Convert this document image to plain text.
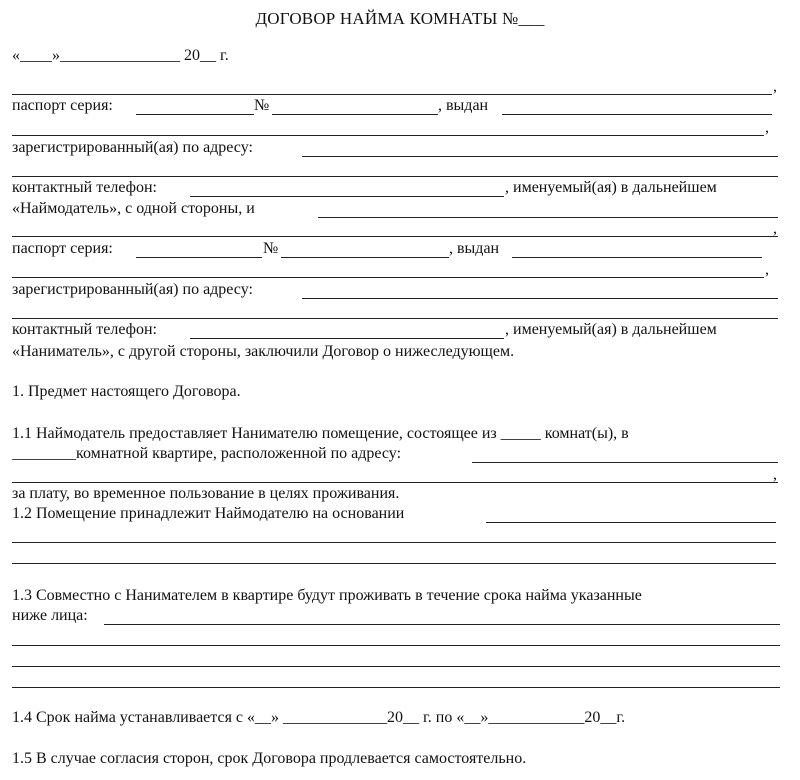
ДОГОВОР НАЙМА КОМНАТЫ №___
«____»_______________ 20__ г.
,
паспорт серия:	№	, выдан
,
зарегистрированный(ая) по адресу:
контактный телефон:	, именуемый(ая) в дальнейшем
«Наймодатель», с одной стороны, и
,
паспорт серия:	№	, выдан
,
зарегистрированный(ая) по адресу:
контактный телефон:	, именуемый(ая) в дальнейшем
«Наниматель», с другой стороны, заключили Договор о нижеследующем.
1. Предмет настоящего Договора.
1.1 Наймодатель предоставляет Нанимателю помещение, состоящее из _____ комнат(ы), в
________комнатной квартире, расположенной по адресу:
,
за плату, во временное пользование в целях проживания.
1.2 Помещение принадлежит Наймодателю на основании
1.3 Совместно с Нанимателем в квартире будут проживать в течение срока найма указанные
ниже лица:
1.4 Срок найма устанавливается с «__» _____________20__ г. по «__»____________20__г.
1.5 В случае согласия сторон, срок Договора продлевается самостоятельно.
